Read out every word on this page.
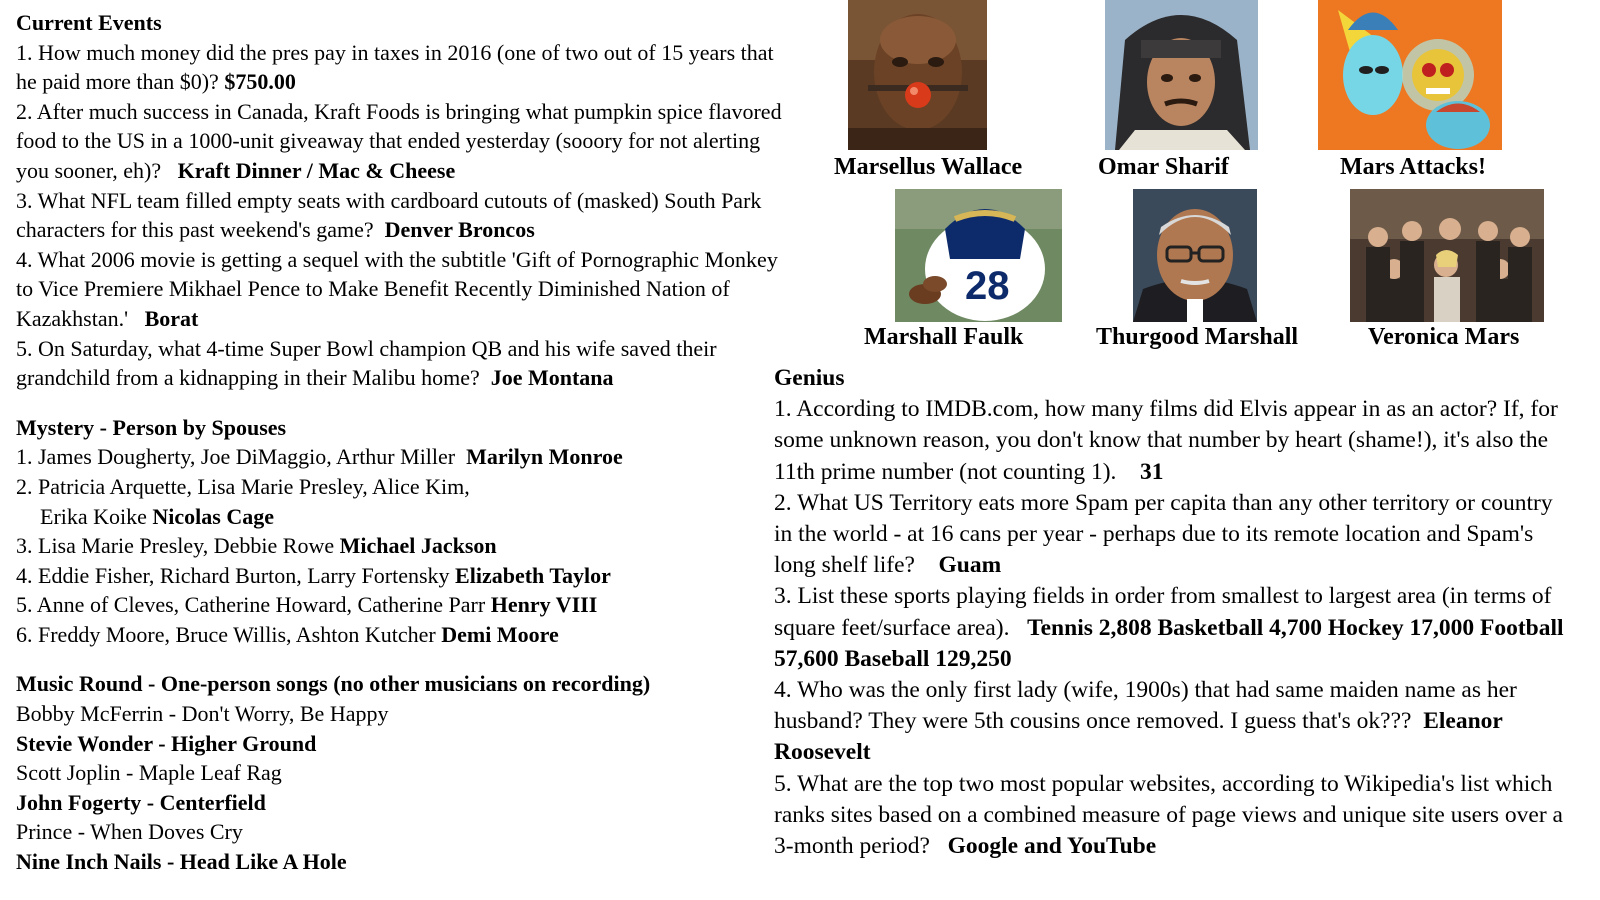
Current Events
1. How much money did the pres pay in taxes in 2016 (one of two out of 15 years that he paid more than $0)? $750.00
2. After much success in Canada, Kraft Foods is bringing what pumpkin spice flavored food to the US in a 1000-unit giveaway that ended yesterday (sooory for not alerting you sooner, eh)? Kraft Dinner / Mac & Cheese
3. What NFL team filled empty seats with cardboard cutouts of (masked) South Park characters for this past weekend's game? Denver Broncos
4. What 2006 movie is getting a sequel with the subtitle 'Gift of Pornographic Monkey to Vice Premiere Mikhael Pence to Make Benefit Recently Diminished Nation of Kazakhstan.' Borat
5. On Saturday, what 4-time Super Bowl champion QB and his wife saved their grandchild from a kidnapping in their Malibu home? Joe Montana
Mystery - Person by Spouses
1. James Dougherty, Joe DiMaggio, Arthur Miller Marilyn Monroe
2. Patricia Arquette, Lisa Marie Presley, Alice Kim,
Erika Koike Nicolas Cage
3. Lisa Marie Presley, Debbie Rowe Michael Jackson
4. Eddie Fisher, Richard Burton, Larry Fortensky Elizabeth Taylor
5. Anne of Cleves, Catherine Howard, Catherine Parr Henry VIII
6. Freddy Moore, Bruce Willis, Ashton Kutcher Demi Moore
Music Round - One-person songs (no other musicians on recording)
Bobby McFerrin - Don't Worry, Be Happy
Stevie Wonder - Higher Ground
Scott Joplin - Maple Leaf Rag
John Fogerty - Centerfield
Prince - When Doves Cry
Nine Inch Nails - Head Like A Hole
Marsellus Wallace	Omar Sharif	Mars Attacks!
28
Marshall Faulk	Thurgood Marshall	Veronica Mars
Genius
1. According to IMDB.com, how many films did Elvis appear in as an actor? If, for some unknown reason, you don't know that number by heart (shame!), it's also the 11th prime number (not counting 1). 31
2. What US Territory eats more Spam per capita than any other territory or country in the world - at 16 cans per year - perhaps due to its remote location and Spam's long shelf life? Guam
3. List these sports playing fields in order from smallest to largest area (in terms of square feet/surface area). Tennis 2,808 Basketball 4,700 Hockey 17,000 Football 57,600 Baseball 129,250
4. Who was the only first lady (wife, 1900s) that had same maiden name as her husband? They were 5th cousins once removed. I guess that's ok??? Eleanor Roosevelt
5. What are the top two most popular websites, according to Wikipedia's list which ranks sites based on a combined measure of page views and unique site users over a 3-month period? Google and YouTube
